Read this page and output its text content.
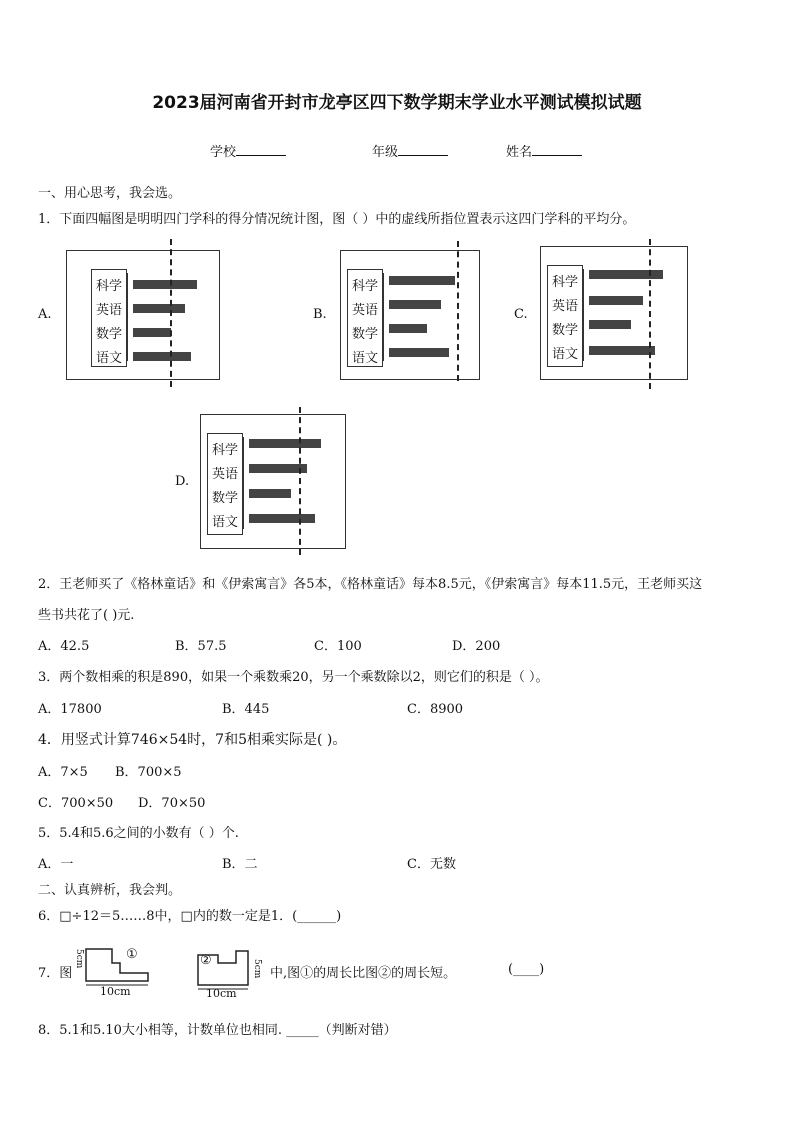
2023届河南省开封市龙亭区四下数学期末学业水平测试模拟试题
学校	年级	姓名
一、用心思考，我会选。
1．下面四幅图是明明四门学科的得分情况统计图，图（ ）中的虚线所指位置表示这四门学科的平均分。
A.	B.	C.
D.
科学
英语
数学
语文
科学
英语
数学
语文
科学
英语
数学
语文
科学
英语
数学
语文
2．王老师买了《格林童话》和《伊索寓言》各5本，《格林童话》每本8.5元，《伊索寓言》每本11.5元，王老师买这
些书共花了( )元.
A．42.5	B．57.5	C．100	D．200
3．两个数相乘的积是890，如果一个乘数乘20，另一个乘数除以2，则它们的积是（ ）。
A．17800	B．445	C．8900
4．用竖式计算746×54时，7和5相乘实际是( )。
A．7×5 B．700×5
C．700×50 D．70×50
5．5.4和5.6之间的小数有（ ）个.
A．一	B．二	C．无数
二、认真辨析，我会判。
6．□÷12＝5……8中，□内的数一定是1．(______)
7．图
5cm	①
10cm
②	5cm
10cm
中,图①的周长比图②的周长短。	(____)
8．5.1和5.10大小相等，计数单位也相同. _____（判断对错）
